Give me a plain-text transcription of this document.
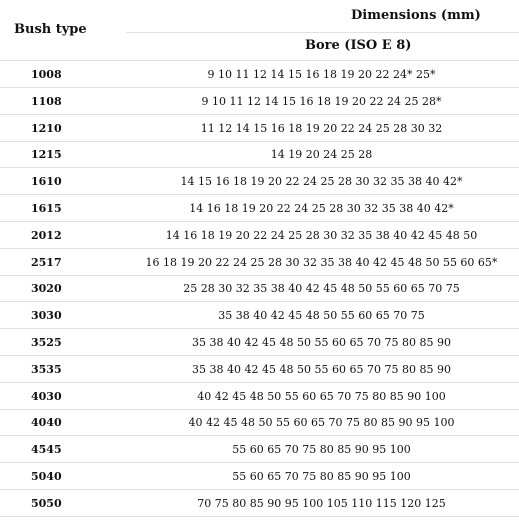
Bush type
Dimensions (mm)
Bore (ISO E 8)
1008	9 10 11 12 14 15 16 18 19 20 22 24* 25*
1108	9 10 11 12 14 15 16 18 19 20 22 24 25 28*
1210	11 12 14 15 16 18 19 20 22 24 25 28 30 32
1215	14 19 20 24 25 28
1610	14 15 16 18 19 20 22 24 25 28 30 32 35 38 40 42*
1615	14 16 18 19 20 22 24 25 28 30 32 35 38 40 42*
2012	14 16 18 19 20 22 24 25 28 30 32 35 38 40 42 45 48 50
2517	16 18 19 20 22 24 25 28 30 32 35 38 40 42 45 48 50 55 60 65*
3020	25 28 30 32 35 38 40 42 45 48 50 55 60 65 70 75
3030	35 38 40 42 45 48 50 55 60 65 70 75
3525	35 38 40 42 45 48 50 55 60 65 70 75 80 85 90
3535	35 38 40 42 45 48 50 55 60 65 70 75 80 85 90
4030	40 42 45 48 50 55 60 65 70 75 80 85 90 100
4040	40 42 45 48 50 55 60 65 70 75 80 85 90 95 100
4545	55 60 65 70 75 80 85 90 95 100
5040	55 60 65 70 75 80 85 90 95 100
5050	70 75 80 85 90 95 100 105 110 115 120 125
